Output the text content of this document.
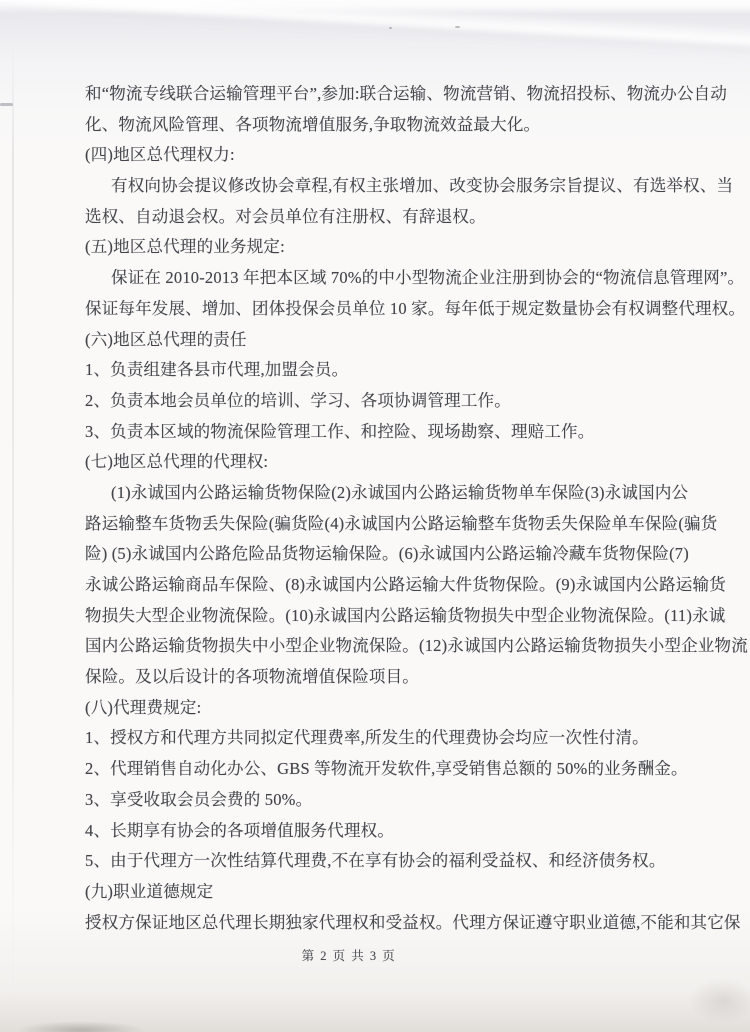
和“物流专线联合运输管理平台”,参加:联合运输、物流营销、物流招投标、物流办公自动
化、物流风险管理、各项物流增值服务,争取物流效益最大化。
(四)地区总代理权力:
有权向协会提议修改协会章程,有权主张增加、改变协会服务宗旨提议、有选举权、当
选权、自动退会权。对会员单位有注册权、有辞退权。
(五)地区总代理的业务规定:
保证在 2010-2013 年把本区域 70%的中小型物流企业注册到协会的“物流信息管理网”。
保证每年发展、增加、团体投保会员单位 10 家。每年低于规定数量协会有权调整代理权。
(六)地区总代理的责任
1、负责组建各县市代理,加盟会员。
2、负责本地会员单位的培训、学习、各项协调管理工作。
3、负责本区域的物流保险管理工作、和控险、现场勘察、理赔工作。
(七)地区总代理的代理权:
(1)永诚国内公路运输货物保险(2)永诚国内公路运输货物单车保险(3)永诚国内公
路运输整车货物丢失保险(骗货险(4)永诚国内公路运输整车货物丢失保险单车保险(骗货
险) (5)永诚国内公路危险品货物运输保险。(6)永诚国内公路运输冷藏车货物保险(7)
永诚公路运输商品车保险、(8)永诚国内公路运输大件货物保险。(9)永诚国内公路运输货
物损失大型企业物流保险。(10)永诚国内公路运输货物损失中型企业物流保险。(11)永诚
国内公路运输货物损失中小型企业物流保险。(12)永诚国内公路运输货物损失小型企业物流
保险。及以后设计的各项物流增值保险项目。
(八)代理费规定:
1、授权方和代理方共同拟定代理费率,所发生的代理费协会均应一次性付清。
2、代理销售自动化办公、GBS 等物流开发软件,享受销售总额的 50%的业务酬金。
3、享受收取会员会费的 50%。
4、长期享有协会的各项增值服务代理权。
5、由于代理方一次性结算代理费,不在享有协会的福利受益权、和经济债务权。
(九)职业道德规定
授权方保证地区总代理长期独家代理权和受益权。代理方保证遵守职业道德,不能和其它保
第 2 页 共 3 页
